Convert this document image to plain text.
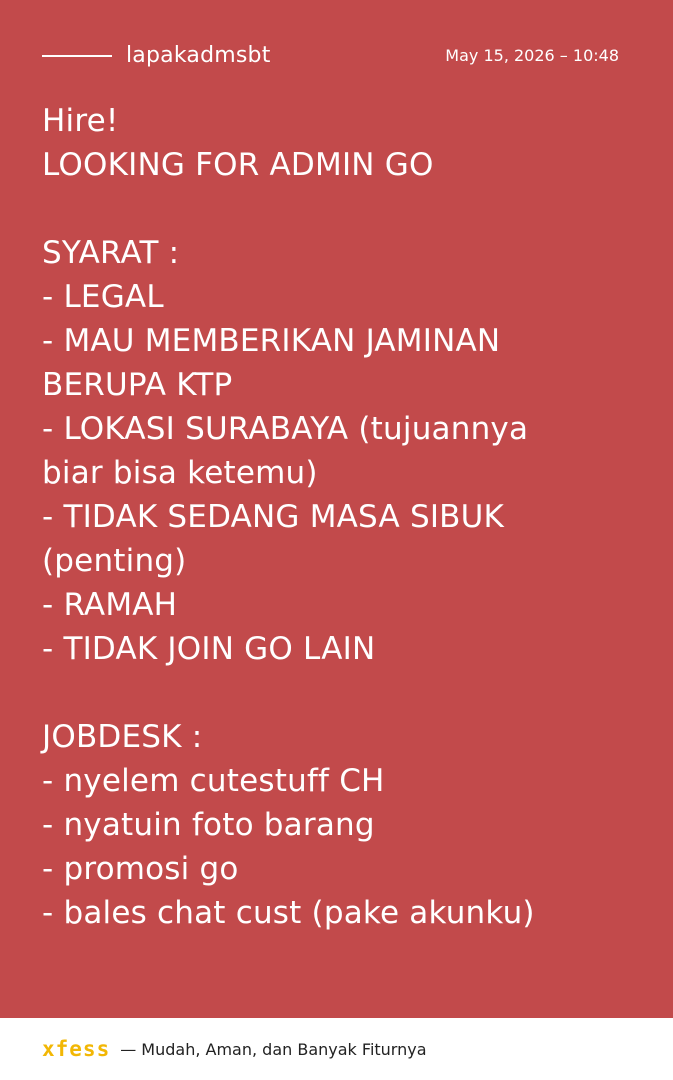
lapakadmsbt	May 15, 2026 – 10:48
Hire!
LOOKING FOR ADMIN GO
SYARAT :
- LEGAL
- MAU MEMBERIKAN JAMINAN
BERUPA KTP
- LOKASI SURABAYA (tujuannya
biar bisa ketemu)
- TIDAK SEDANG MASA SIBUK
(penting)
- RAMAH
- TIDAK JOIN GO LAIN
JOBDESK :
- nyelem cutestuff CH
- nyatuin foto barang
- promosi go
- bales chat cust (pake akunku)
xfess — Mudah, Aman, dan Banyak Fiturnya
